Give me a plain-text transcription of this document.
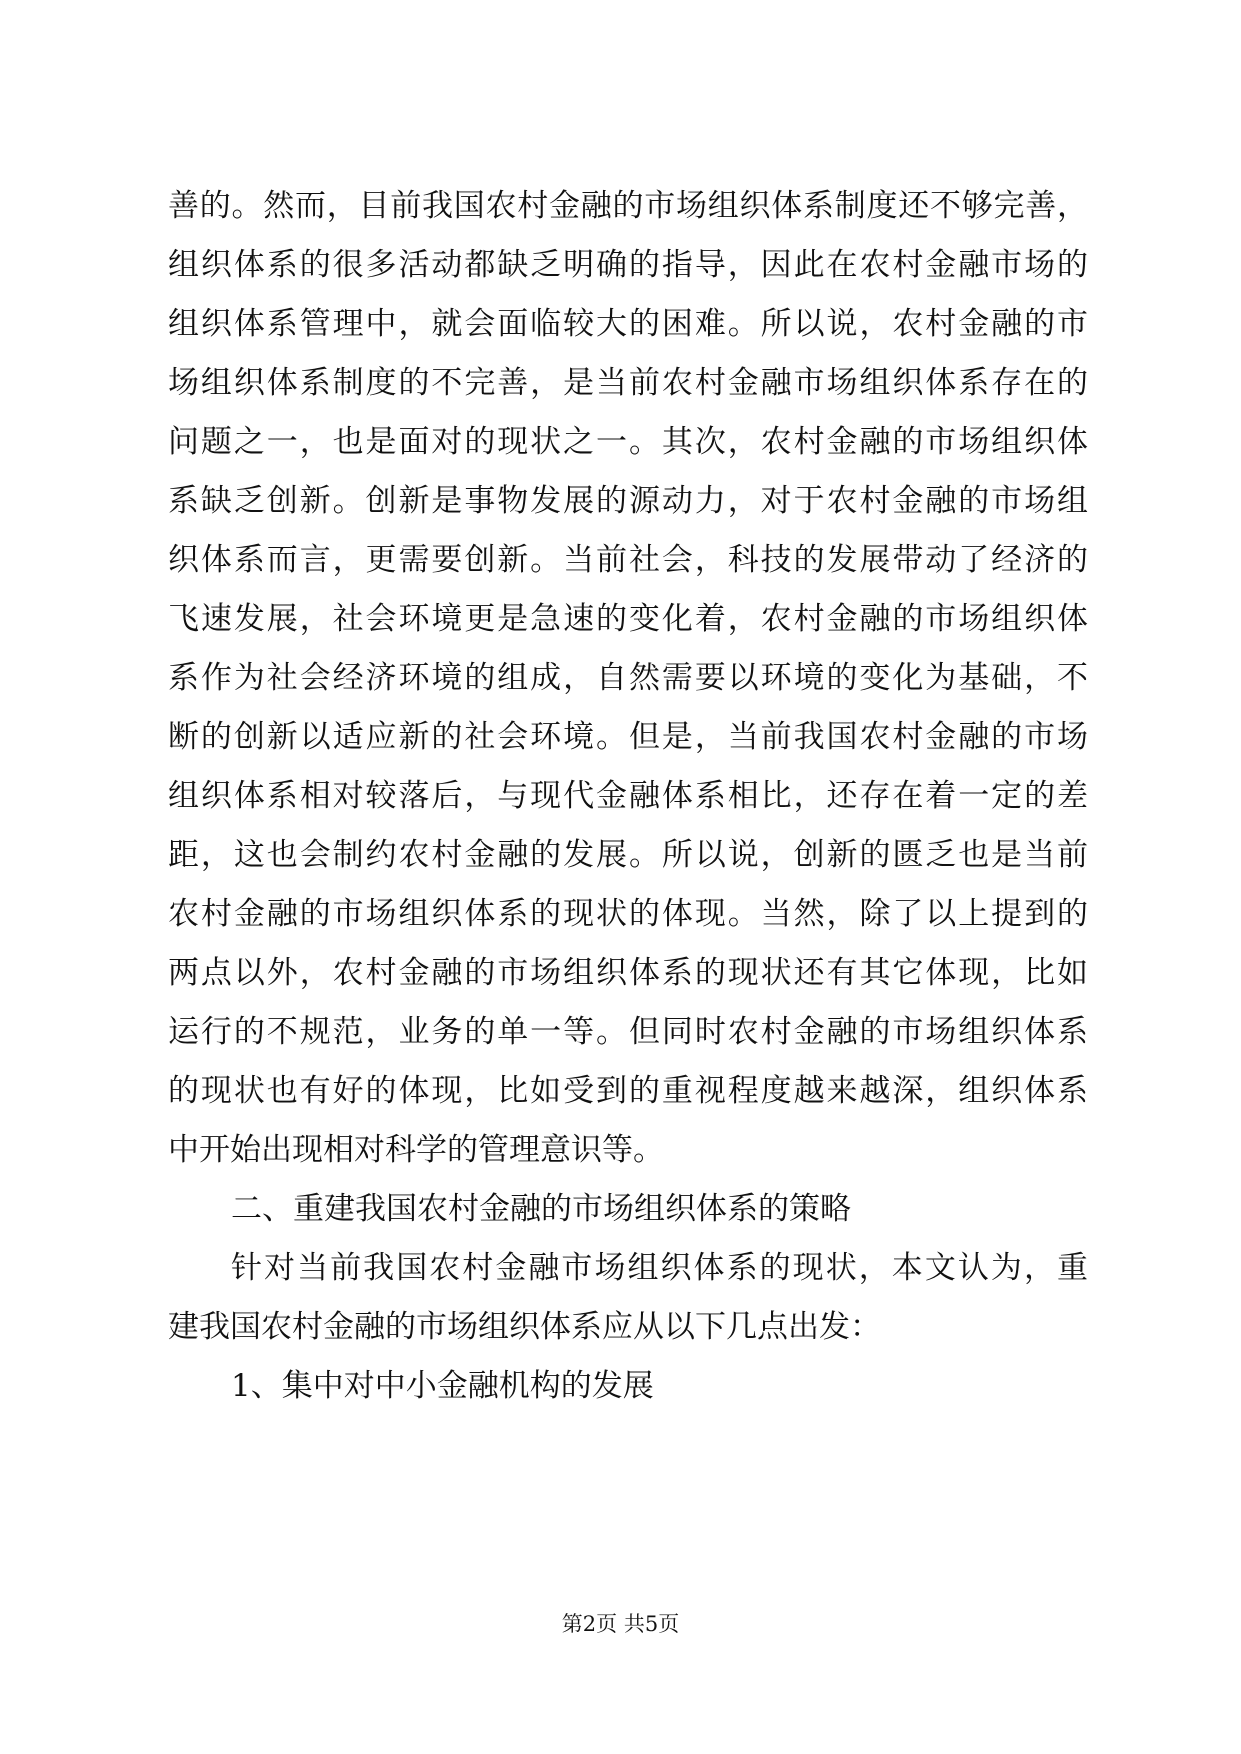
善的。然而，目前我国农村金融的市场组织体系制度还不够完善，
组织体系的很多活动都缺乏明确的指导，因此在农村金融市场的
组织体系管理中，就会面临较大的困难。所以说，农村金融的市
场组织体系制度的不完善，是当前农村金融市场组织体系存在的
问题之一，也是面对的现状之一。其次，农村金融的市场组织体
系缺乏创新。创新是事物发展的源动力，对于农村金融的市场组
织体系而言，更需要创新。当前社会，科技的发展带动了经济的
飞速发展，社会环境更是急速的变化着，农村金融的市场组织体
系作为社会经济环境的组成，自然需要以环境的变化为基础，不
断的创新以适应新的社会环境。但是，当前我国农村金融的市场
组织体系相对较落后，与现代金融体系相比，还存在着一定的差
距，这也会制约农村金融的发展。所以说，创新的匮乏也是当前
农村金融的市场组织体系的现状的体现。当然，除了以上提到的
两点以外，农村金融的市场组织体系的现状还有其它体现，比如
运行的不规范，业务的单一等。但同时农村金融的市场组织体系
的现状也有好的体现，比如受到的重视程度越来越深，组织体系
中开始出现相对科学的管理意识等。
二、重建我国农村金融的市场组织体系的策略
针对当前我国农村金融市场组织体系的现状，本文认为，重
建我国农村金融的市场组织体系应从以下几点出发：
1、集中对中小金融机构的发展
第2页 共5页
